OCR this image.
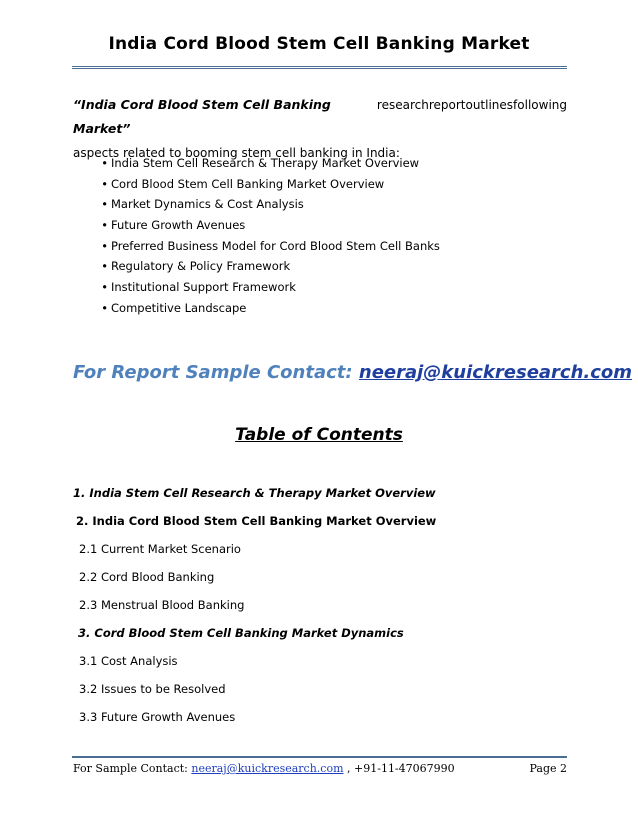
India Cord Blood Stem Cell Banking Market
“India Cord Blood Stem Cell Banking Market”
research report outlines following
aspects related to booming stem cell banking in India:
• India Stem Cell Research & Therapy Market Overview
• Cord Blood Stem Cell Banking Market Overview
• Market Dynamics & Cost Analysis
• Future Growth Avenues
• Preferred Business Model for Cord Blood Stem Cell Banks
• Regulatory & Policy Framework
• Institutional Support Framework
• Competitive Landscape
For Report Sample Contact: neeraj@kuickresearch.com
Table of Contents
1. India Stem Cell Research & Therapy Market Overview
2. India Cord Blood Stem Cell Banking Market Overview
2.1 Current Market Scenario
2.2 Cord Blood Banking
2.3 Menstrual Blood Banking
3. Cord Blood Stem Cell Banking Market Dynamics
3.1 Cost Analysis
3.2 Issues to be Resolved
3.3 Future Growth Avenues
For Sample Contact: neeraj@kuickresearch.com , +91-11-47067990	Page 2
